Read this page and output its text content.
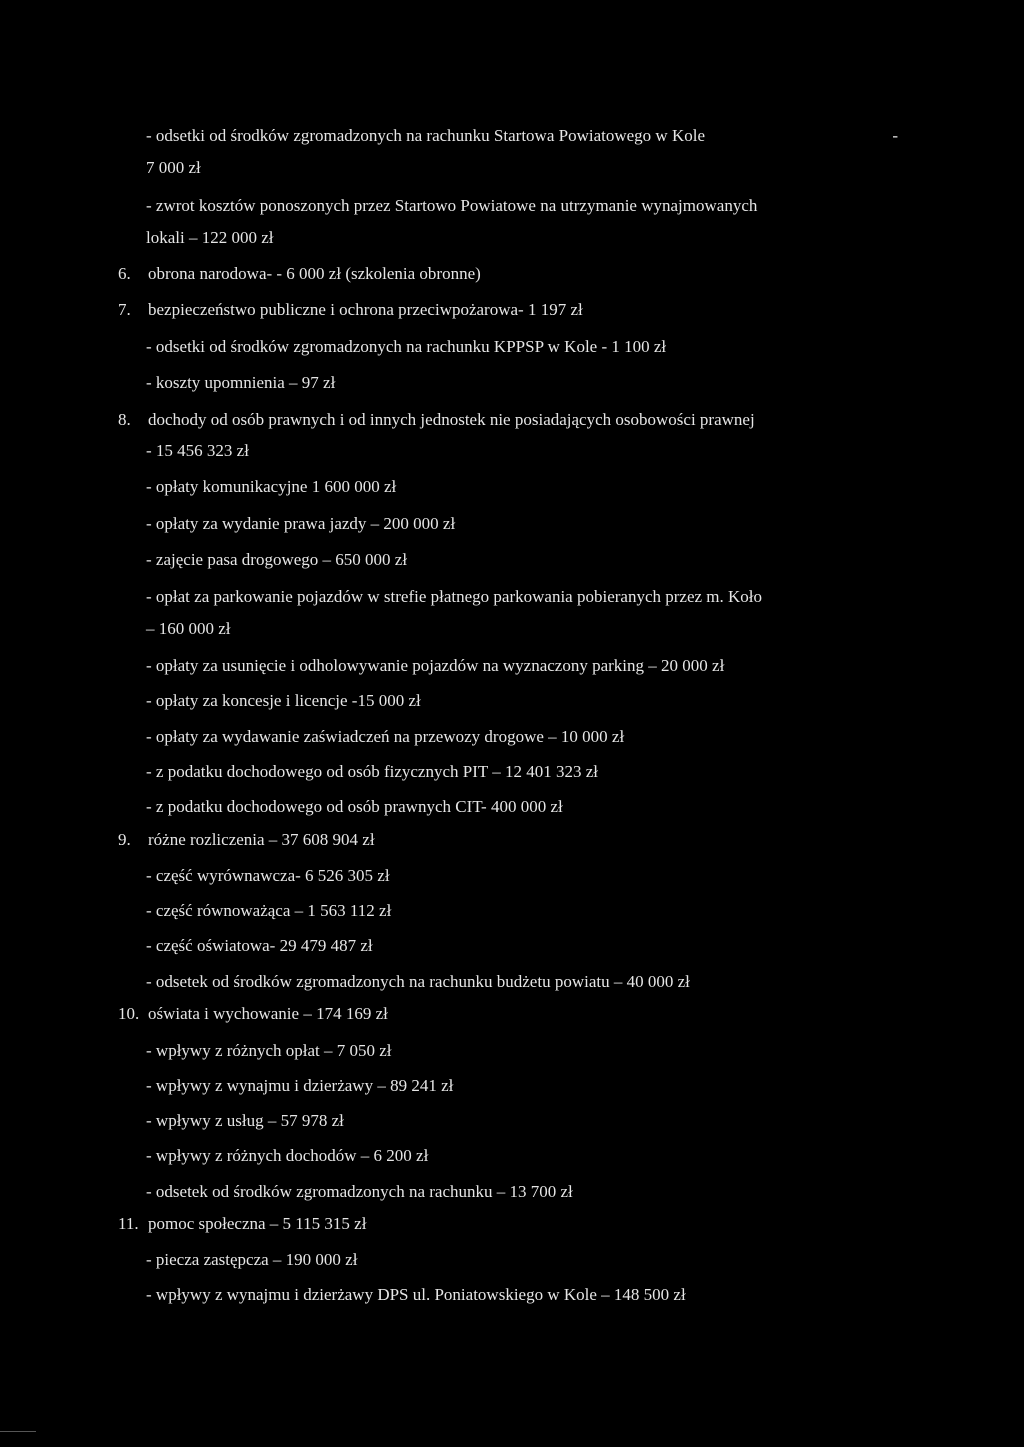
- odsetki od środków zgromadzonych na rachunku Startowa Powiatowego w Kole	-
7 000 zł
- zwrot kosztów ponoszonych przez Startowo Powiatowe na utrzymanie wynajmowanych
lokali – 122 000 zł
6. obrona narodowa- - 6 000 zł (szkolenia obronne)
7. bezpieczeństwo publiczne i ochrona przeciwpożarowa- 1 197 zł
- odsetki od środków zgromadzonych na rachunku KPPSP w Kole - 1 100 zł
- koszty upomnienia – 97 zł
8. dochody od osób prawnych i od innych jednostek nie posiadających osobowości prawnej
- 15 456 323 zł
- opłaty komunikacyjne 1 600 000 zł
- opłaty za wydanie prawa jazdy – 200 000 zł
- zajęcie pasa drogowego – 650 000 zł
- opłat za parkowanie pojazdów w strefie płatnego parkowania pobieranych przez m. Koło
– 160 000 zł
- opłaty za usunięcie i odholowywanie pojazdów na wyznaczony parking – 20 000 zł
- opłaty za koncesje i licencje -15 000 zł
- opłaty za wydawanie zaświadczeń na przewozy drogowe – 10 000 zł
- z podatku dochodowego od osób fizycznych PIT – 12 401 323 zł
- z podatku dochodowego od osób prawnych CIT- 400 000 zł
9. różne rozliczenia – 37 608 904 zł
- część wyrównawcza- 6 526 305 zł
- część równoważąca – 1 563 112 zł
- część oświatowa- 29 479 487 zł
- odsetek od środków zgromadzonych na rachunku budżetu powiatu – 40 000 zł
10. oświata i wychowanie – 174 169 zł
- wpływy z różnych opłat – 7 050 zł
- wpływy z wynajmu i dzierżawy – 89 241 zł
- wpływy z usług – 57 978 zł
- wpływy z różnych dochodów – 6 200 zł
- odsetek od środków zgromadzonych na rachunku – 13 700 zł
11. pomoc społeczna – 5 115 315 zł
- piecza zastępcza – 190 000 zł
- wpływy z wynajmu i dzierżawy DPS ul. Poniatowskiego w Kole – 148 500 zł
